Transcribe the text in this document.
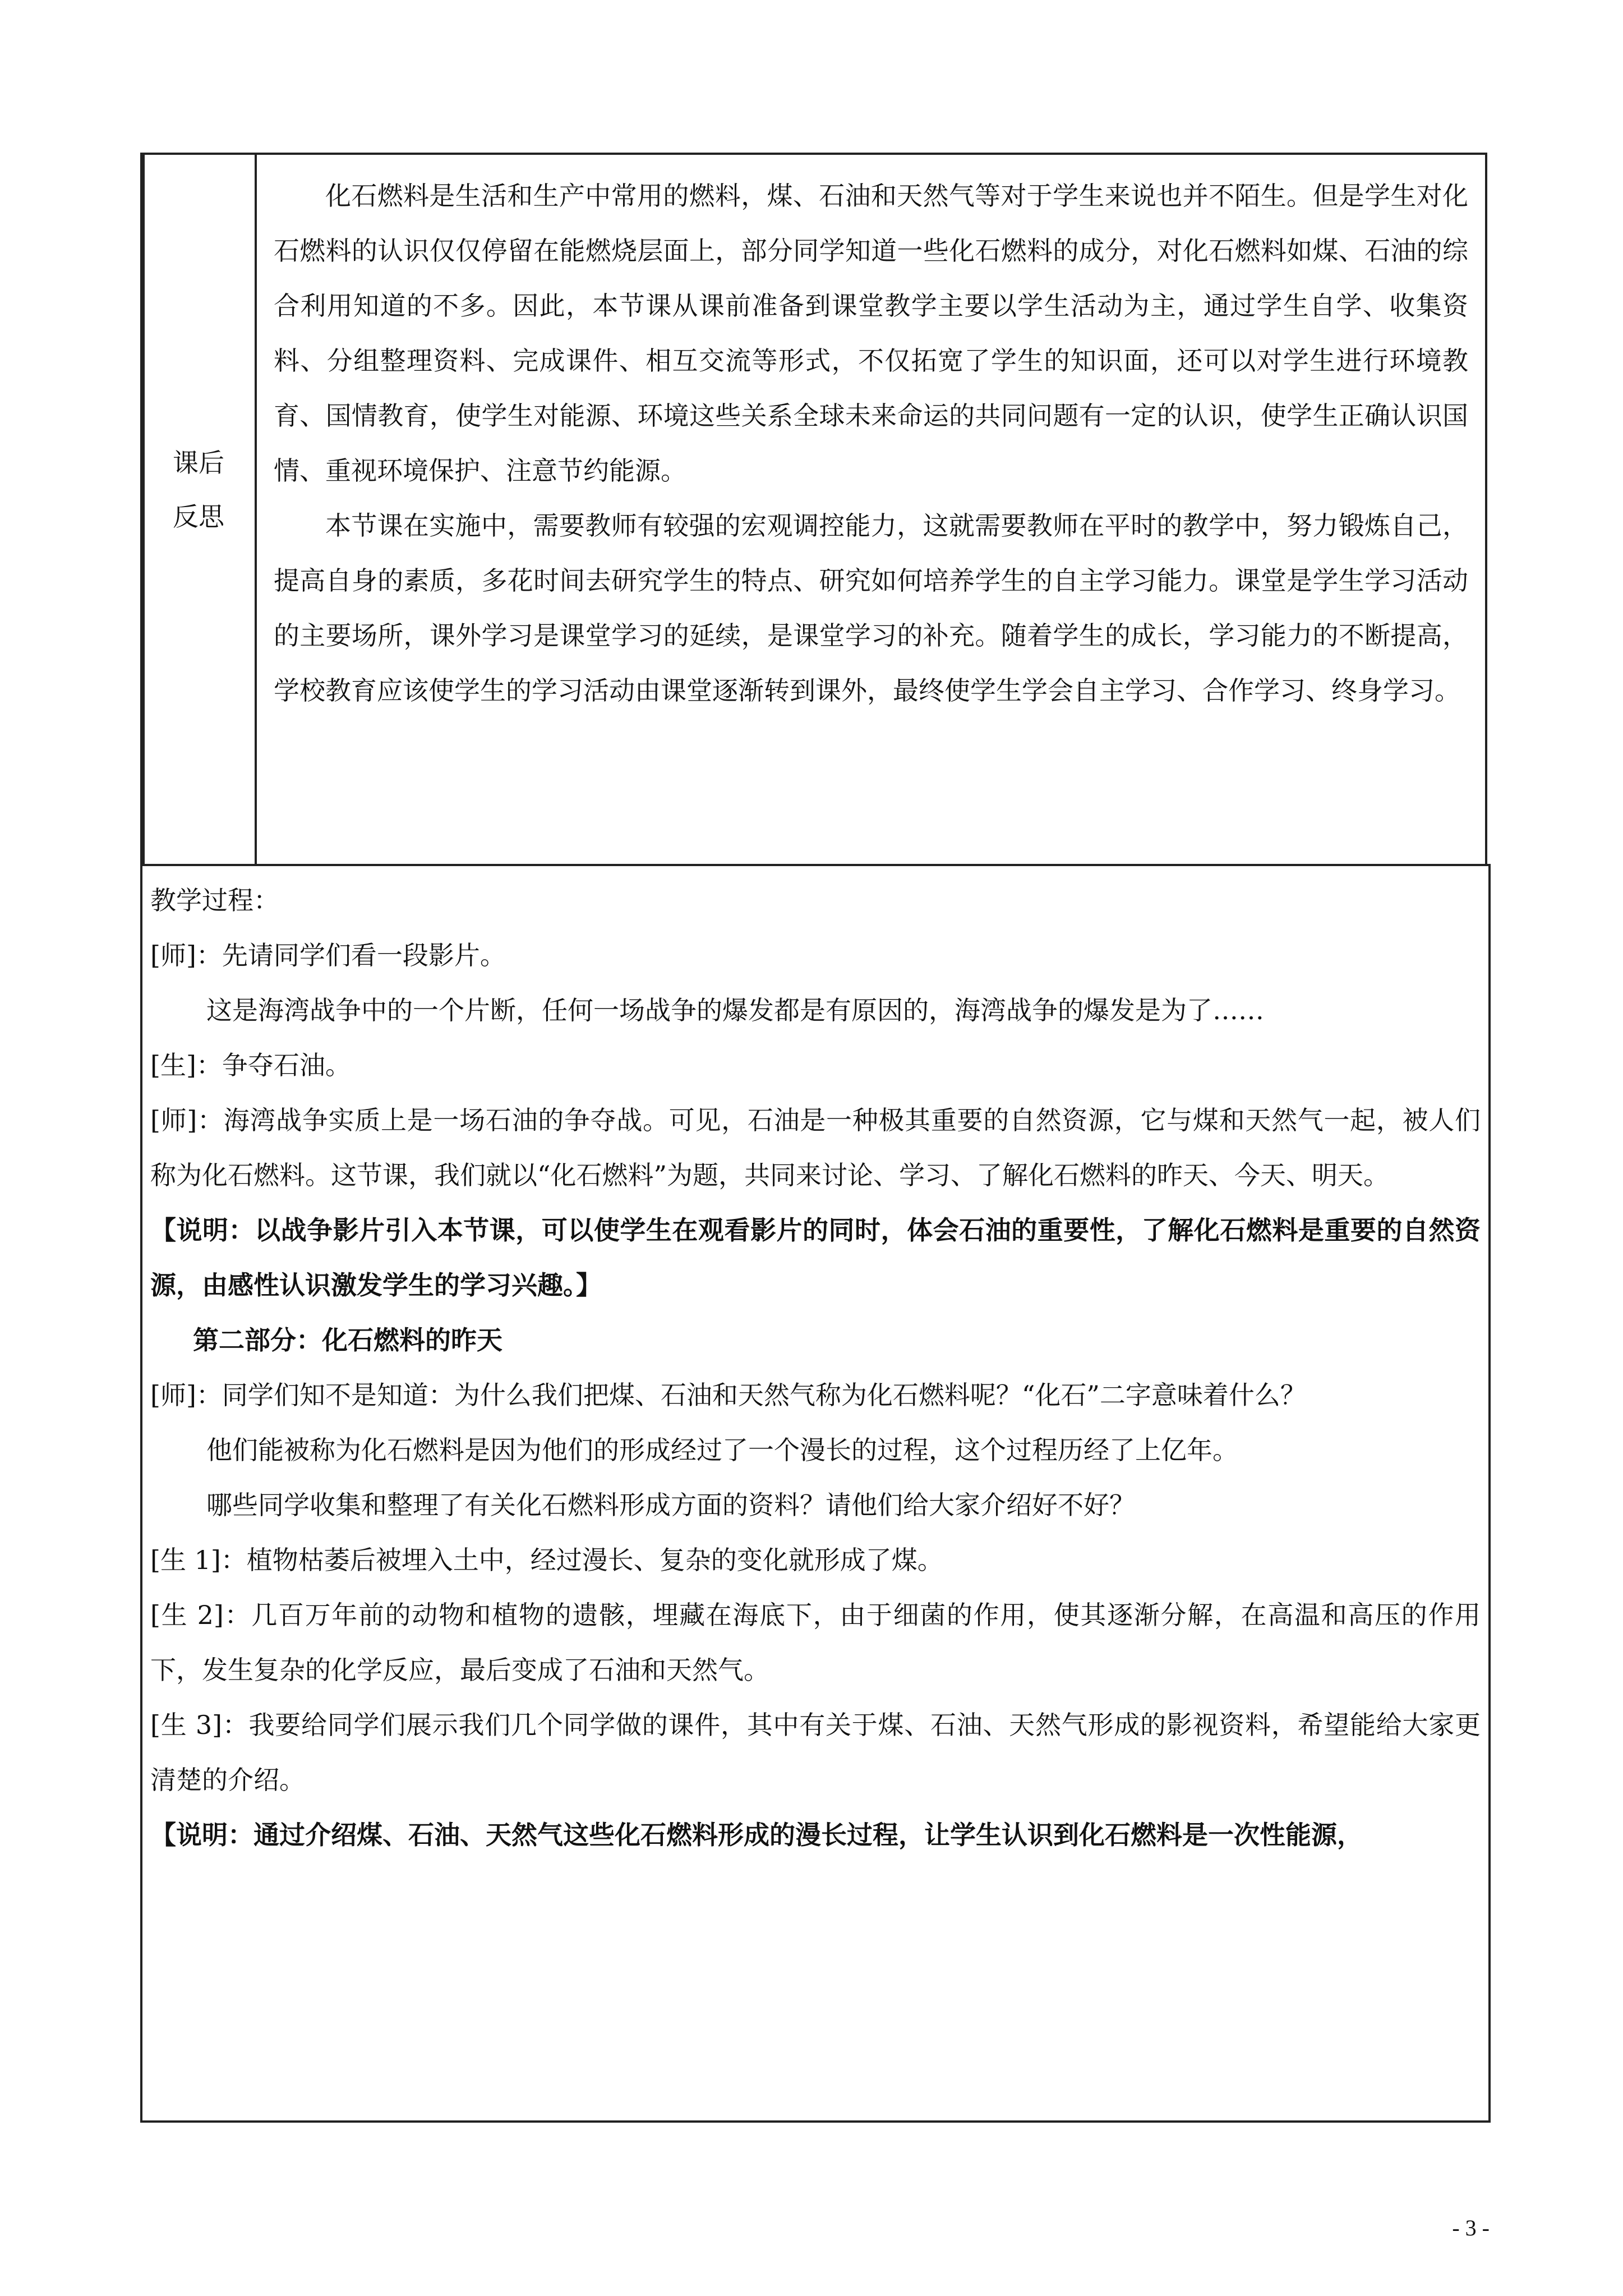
课后
反思

化石燃料是生活和生产中常用的燃料，煤、石油和天然气等对于学生来说也并不陌生。但是学生对化石燃料的认识仅仅停留在能燃烧层面上，部分同学知道一些化石燃料的成分，对化石燃料如煤、石油的综合利用知道的不多。因此，本节课从课前准备到课堂教学主要以学生活动为主，通过学生自学、收集资料、分组整理资料、完成课件、相互交流等形式，不仅拓宽了学生的知识面，还可以对学生进行环境教育、国情教育，使学生对能源、环境这些关系全球未来命运的共同问题有一定的认识，使学生正确认识国情、重视环境保护、注意节约能源。

本节课在实施中，需要教师有较强的宏观调控能力，这就需要教师在平时的教学中，努力锻炼自己，提高自身的素质，多花时间去研究学生的特点、研究如何培养学生的自主学习能力。课堂是学生学习活动的主要场所，课外学习是课堂学习的延续，是课堂学习的补充。随着学生的成长，学习能力的不断提高，学校教育应该使学生的学习活动由课堂逐渐转到课外，最终使学生学会自主学习、合作学习、终身学习。

教学过程：

[师]：先请同学们看一段影片。

这是海湾战争中的一个片断，任何一场战争的爆发都是有原因的，海湾战争的爆发是为了……

[生]：争夺石油。

[师]：海湾战争实质上是一场石油的争夺战。可见，石油是一种极其重要的自然资源，它与煤和天然气一起，被人们称为化石燃料。这节课，我们就以“化石燃料”为题，共同来讨论、学习、了解化石燃料的昨天、今天、明天。

【说明：以战争影片引入本节课，可以使学生在观看影片的同时，体会石油的重要性，了解化石燃料是重要的自然资源，由感性认识激发学生的学习兴趣。】

第二部分：化石燃料的昨天

[师]：同学们知不是知道：为什么我们把煤、石油和天然气称为化石燃料呢？“化石”二字意味着什么？

他们能被称为化石燃料是因为他们的形成经过了一个漫长的过程，这个过程历经了上亿年。

哪些同学收集和整理了有关化石燃料形成方面的资料？请他们给大家介绍好不好？

[生 1]：植物枯萎后被埋入土中，经过漫长、复杂的变化就形成了煤。

[生 2]：几百万年前的动物和植物的遗骸，埋藏在海底下，由于细菌的作用，使其逐渐分解，在高温和高压的作用下，发生复杂的化学反应，最后变成了石油和天然气。

[生 3]：我要给同学们展示我们几个同学做的课件，其中有关于煤、石油、天然气形成的影视资料，希望能给大家更清楚的介绍。

【说明：通过介绍煤、石油、天然气这些化石燃料形成的漫长过程，让学生认识到化石燃料是一次性能源，

- 3 -
